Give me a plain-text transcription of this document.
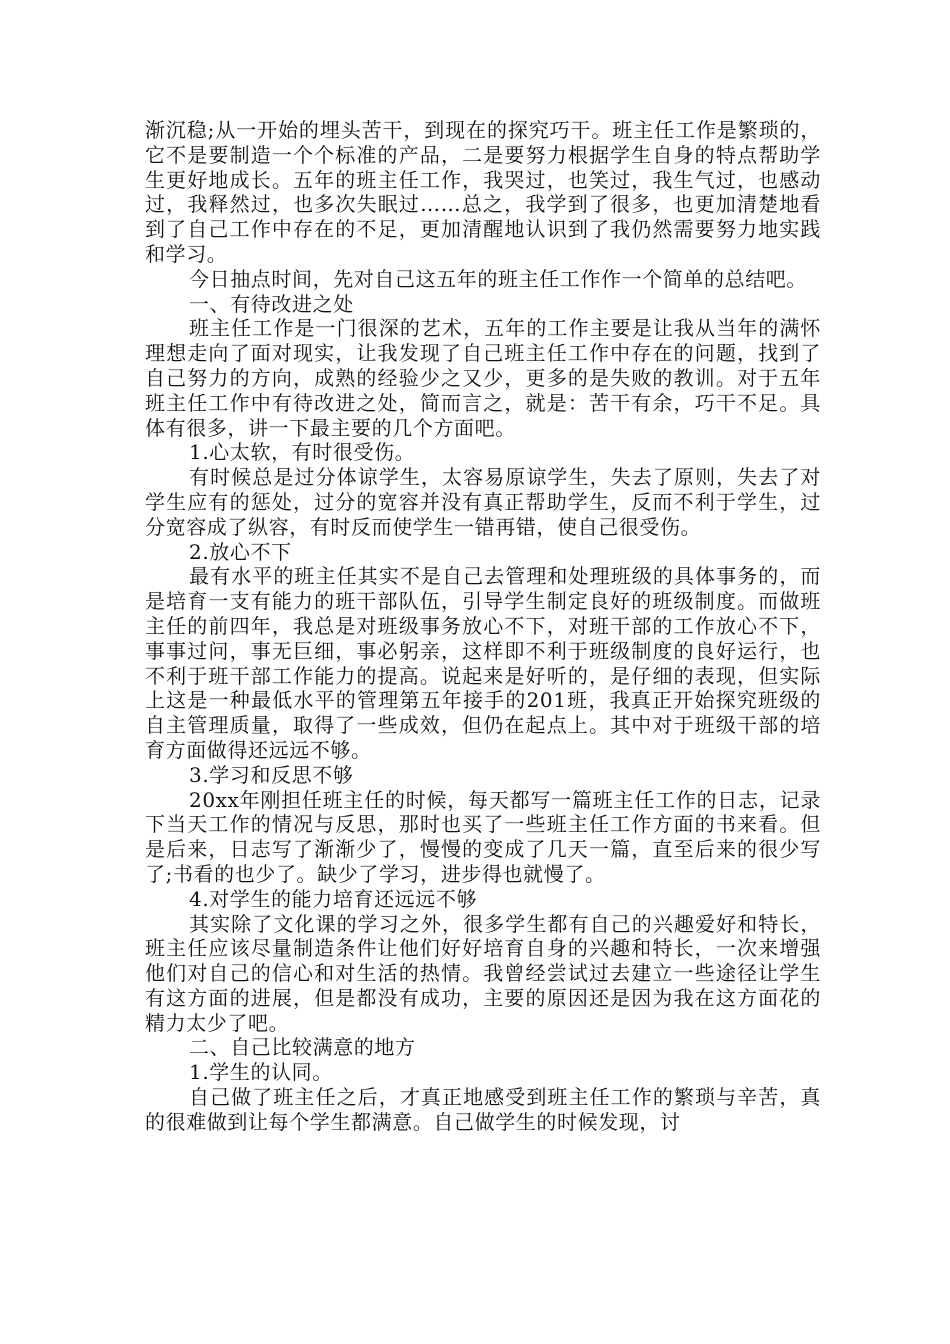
渐沉稳;从一开始的埋头苦干，到现在的探究巧干。班主任工作是繁琐的，它不是要制造一个个标准的产品，二是要努力根据学生自身的特点帮助学生更好地成长。五年的班主任工作，我哭过，也笑过，我生气过，也感动过，我释然过，也多次失眠过……总之，我学到了很多，也更加清楚地看到了自己工作中存在的不足，更加清醒地认识到了我仍然需要努力地实践和学习。

今日抽点时间，先对自己这五年的班主任工作作一个简单的总结吧。

一、有待改进之处

班主任工作是一门很深的艺术，五年的工作主要是让我从当年的满怀理想走向了面对现实，让我发现了自己班主任工作中存在的问题，找到了自己努力的方向，成熟的经验少之又少，更多的是失败的教训。对于五年班主任工作中有待改进之处，简而言之，就是：苦干有余，巧干不足。具体有很多，讲一下最主要的几个方面吧。

1.心太软，有时很受伤。

有时候总是过分体谅学生，太容易原谅学生，失去了原则，失去了对学生应有的惩处，过分的宽容并没有真正帮助学生，反而不利于学生，过分宽容成了纵容，有时反而使学生一错再错，使自己很受伤。

2.放心不下

最有水平的班主任其实不是自己去管理和处理班级的具体事务的，而是培育一支有能力的班干部队伍，引导学生制定良好的班级制度。而做班主任的前四年，我总是对班级事务放心不下，对班干部的工作放心不下，事事过问，事无巨细，事必躬亲，这样即不利于班级制度的良好运行，也不利于班干部工作能力的提高。说起来是好听的，是仔细的表现，但实际上这是一种最低水平的管理第五年接手的201班，我真正开始探究班级的自主管理质量，取得了一些成效，但仍在起点上。其中对于班级干部的培育方面做得还远远不够。

3.学习和反思不够

20xx年刚担任班主任的时候，每天都写一篇班主任工作的日志，记录下当天工作的情况与反思，那时也买了一些班主任工作方面的书来看。但是后来，日志写了渐渐少了，慢慢的变成了几天一篇，直至后来的很少写了;书看的也少了。缺少了学习，进步得也就慢了。

4.对学生的能力培育还远远不够

其实除了文化课的学习之外，很多学生都有自己的兴趣爱好和特长，班主任应该尽量制造条件让他们好好培育自身的兴趣和特长，一次来增强他们对自己的信心和对生活的热情。我曾经尝试过去建立一些途径让学生有这方面的进展，但是都没有成功，主要的原因还是因为我在这方面花的精力太少了吧。

二、自己比较满意的地方

1.学生的认同。

自己做了班主任之后，才真正地感受到班主任工作的繁琐与辛苦，真的很难做到让每个学生都满意。自己做学生的时候发现，讨
